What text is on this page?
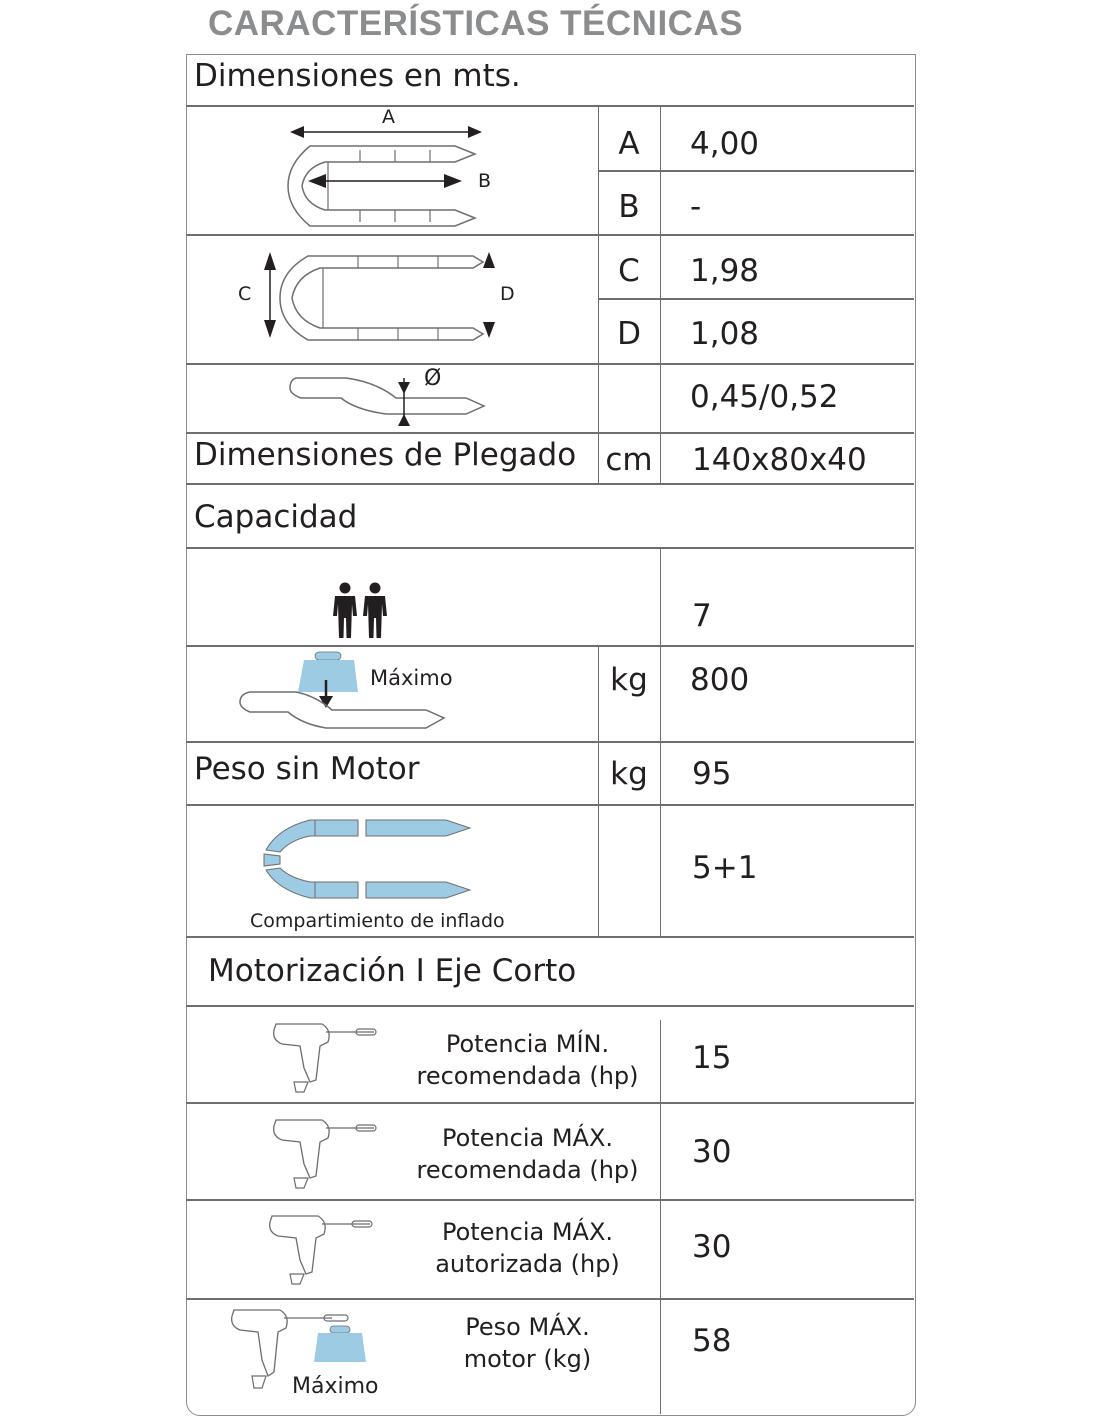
CARACTERÍSTICAS TÉCNICAS
Dimensiones en mts.
A
B
C	D
Ø
A	4,00
B	-
C	1,98
D	1,08
0,45/0,52
Dimensiones de Plegado cm 140x80x40
Capacidad
7
Máximo	kg	800
Peso sin Motor	kg	95
Compartimiento de inflado
5+1
Motorización I Eje Corto
Potencia MÍN.
recomendada (hp)	15
Potencia MÁX.
recomendada (hp)	30
Potencia MÁX.
autorizada (hp)	30
Máximo
Peso MÁX.
motor (kg)	58
